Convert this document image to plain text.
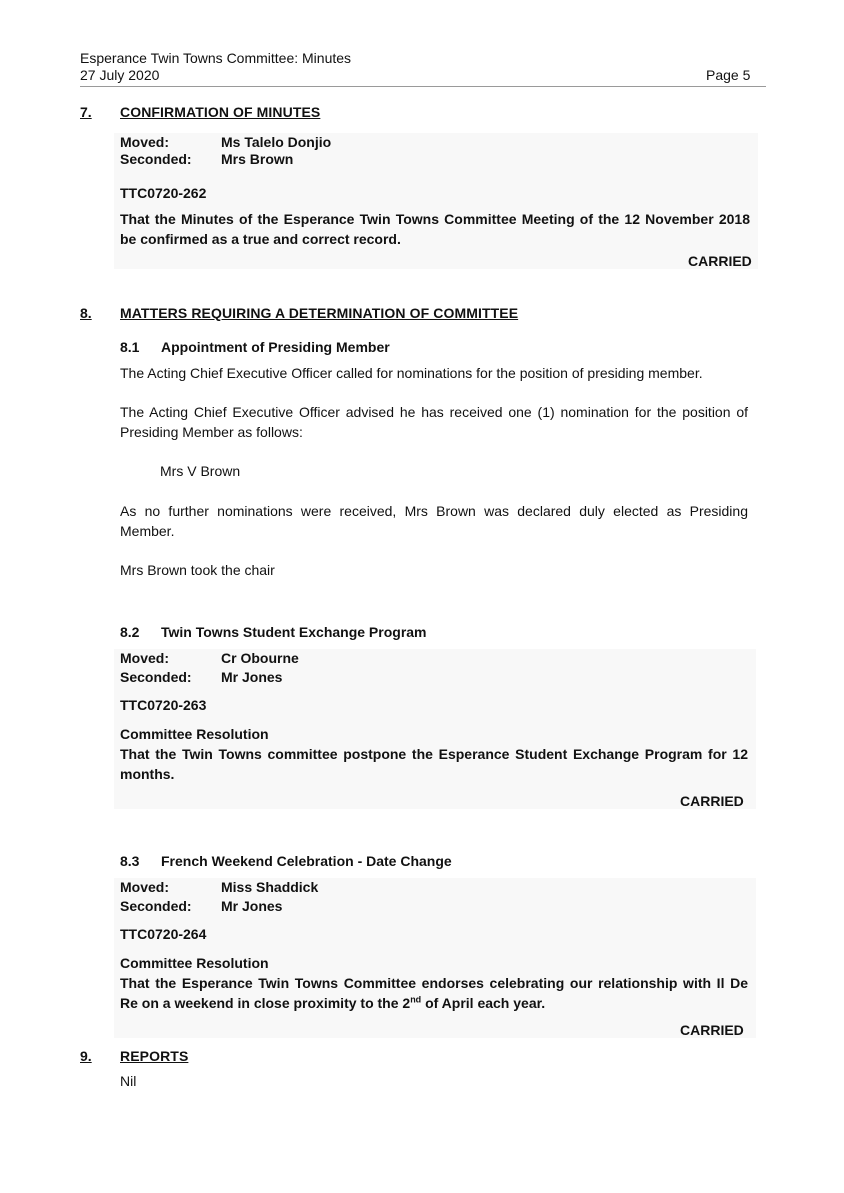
Esperance Twin Towns Committee: Minutes
27 July 2020	Page 5
7. CONFIRMATION OF MINUTES
Moved:	Ms Talelo Donjio
Seconded: Mrs Brown
TTC0720-262
That the Minutes of the Esperance Twin Towns Committee Meeting of the 12 November 2018 be confirmed as a true and correct record.
CARRIED
8. MATTERS REQUIRING A DETERMINATION OF COMMITTEE
8.1 Appointment of Presiding Member
The Acting Chief Executive Officer called for nominations for the position of presiding member.
The Acting Chief Executive Officer advised he has received one (1) nomination for the position of Presiding Member as follows:
Mrs V Brown
As no further nominations were received, Mrs Brown was declared duly elected as Presiding Member.
Mrs Brown took the chair
8.2 Twin Towns Student Exchange Program
Moved:	Cr Obourne
Seconded: Mr Jones
TTC0720-263
Committee Resolution
That the Twin Towns committee postpone the Esperance Student Exchange Program for 12 months.
CARRIED
8.3 French Weekend Celebration - Date Change
Moved:	Miss Shaddick
Seconded: Mr Jones
TTC0720-264
Committee Resolution
That the Esperance Twin Towns Committee endorses celebrating our relationship with Il De Re on a weekend in close proximity to the 2nd of April each year.
CARRIED
9. REPORTS
Nil
